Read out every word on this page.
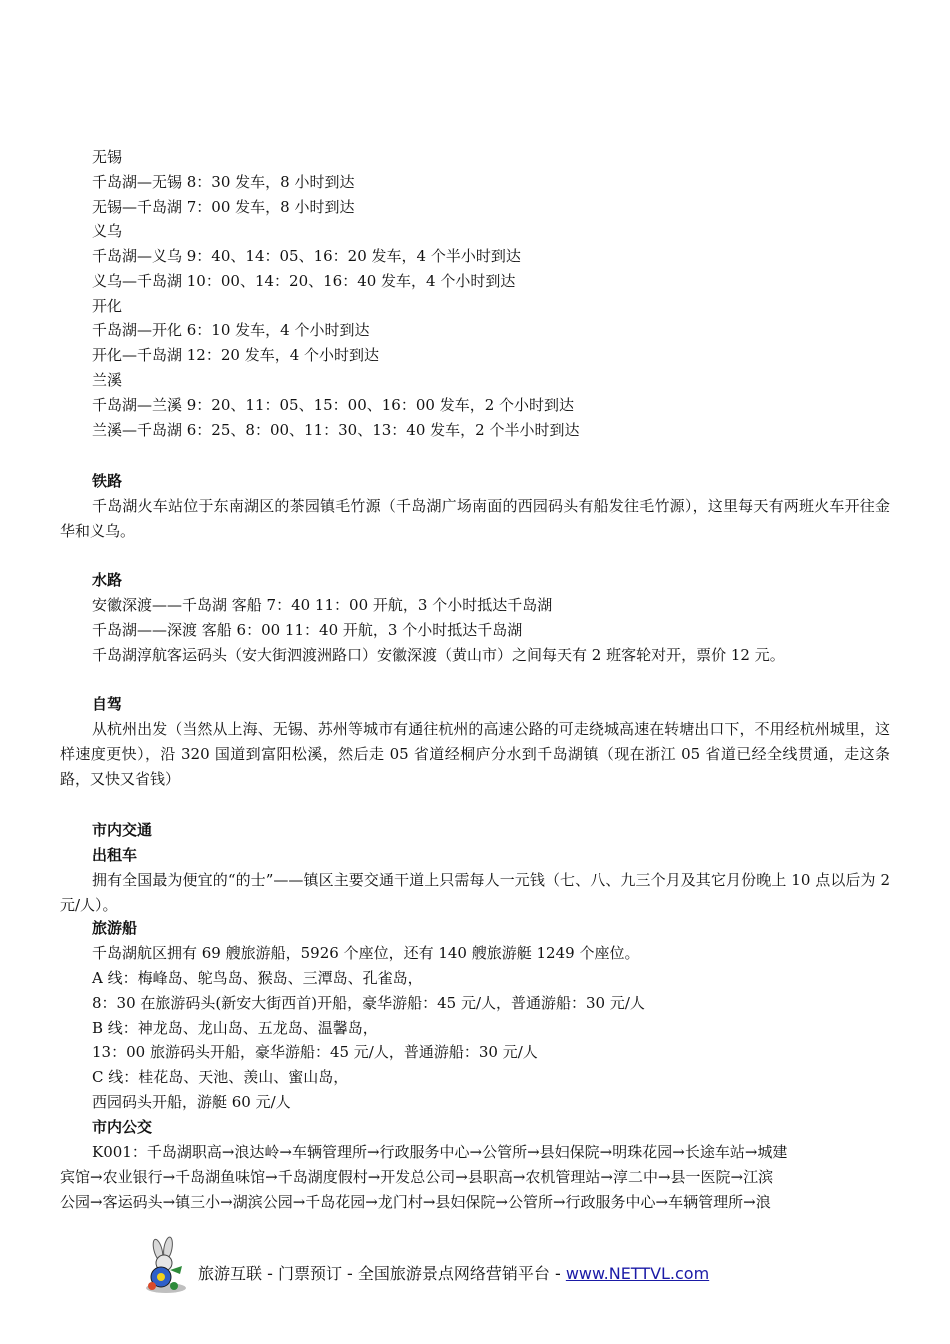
无锡
千岛湖—无锡 8：30 发车，8 小时到达
无锡—千岛湖 7：00 发车，8 小时到达
义乌
千岛湖—义乌 9：40、14：05、16：20 发车，4 个半小时到达
义乌—千岛湖 10：00、14：20、16：40 发车，4 个小时到达
开化
千岛湖—开化 6：10 发车，4 个小时到达
开化—千岛湖 12：20 发车，4 个小时到达
兰溪
千岛湖—兰溪 9：20、11：05、15：00、16：00 发车，2 个小时到达
兰溪—千岛湖 6：25、8：00、11：30、13：40 发车，2 个半小时到达
铁路
千岛湖火车站位于东南湖区的茶园镇毛竹源（千岛湖广场南面的西园码头有船发往毛竹源），这里每天有两班火车开往金华和义乌。
水路
安徽深渡——千岛湖 客船 7：40 11：00 开航，3 个小时抵达千岛湖
千岛湖——深渡 客船 6：00 11：40 开航，3 个小时抵达千岛湖
千岛湖淳航客运码头（安大街泗渡洲路口）安徽深渡（黄山市）之间每天有 2 班客轮对开，票价 12 元。
自驾
从杭州出发（当然从上海、无锡、苏州等城市有通往杭州的高速公路的可走绕城高速在转塘出口下，不用经杭州城里，这样速度更快），沿 320 国道到富阳松溪，然后走 05 省道经桐庐分水到千岛湖镇（现在浙江 05 省道已经全线贯通，走这条路，又快又省钱）
市内交通
出租车
拥有全国最为便宜的“的士”——镇区主要交通干道上只需每人一元钱（七、八、九三个月及其它月份晚上 10 点以后为 2 元/人）。
旅游船
千岛湖航区拥有 69 艘旅游船，5926 个座位，还有 140 艘旅游艇 1249 个座位。
A 线：梅峰岛、鸵鸟岛、猴岛、三潭岛、孔雀岛，
8：30 在旅游码头(新安大街西首)开船，豪华游船：45 元/人，普通游船：30 元/人
B 线：神龙岛、龙山岛、五龙岛、温馨岛，
13：00 旅游码头开船，豪华游船：45 元/人，普通游船：30 元/人
C 线：桂花岛、天池、羡山、蜜山岛，
西园码头开船，游艇 60 元/人
市内公交
K001：千岛湖职高→浪达岭→车辆管理所→行政服务中心→公管所→县妇保院→明珠花园→长途车站→城建
宾馆→农业银行→千岛湖鱼味馆→千岛湖度假村→开发总公司→县职高→农机管理站→淳二中→县一医院→江滨
公园→客运码头→镇三小→湖滨公园→千岛花园→龙门村→县妇保院→公管所→行政服务中心→车辆管理所→浪
旅游互联 - 门票预订 - 全国旅游景点网络营销平台 - www.NETTVL.com
